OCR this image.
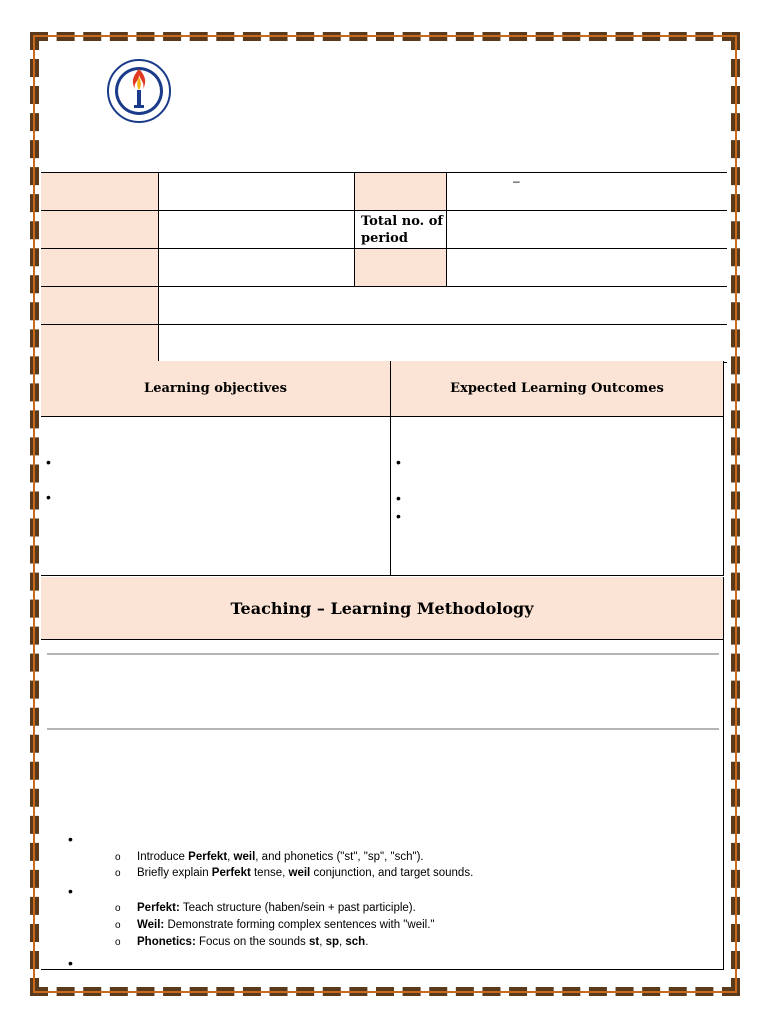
–
Total no. of period
Learning objectives	Expected Learning Outcomes
•
•
•
•
•
Teaching – Learning Methodology
•
o Introduce Perfekt, weil, and phonetics ("st", "sp", "sch").
o Briefly explain Perfekt tense, weil conjunction, and target sounds.
•
o Perfekt: Teach structure (haben/sein + past participle).
o Weil: Demonstrate forming complex sentences with "weil."
o Phonetics: Focus on the sounds st, sp, sch.
•
